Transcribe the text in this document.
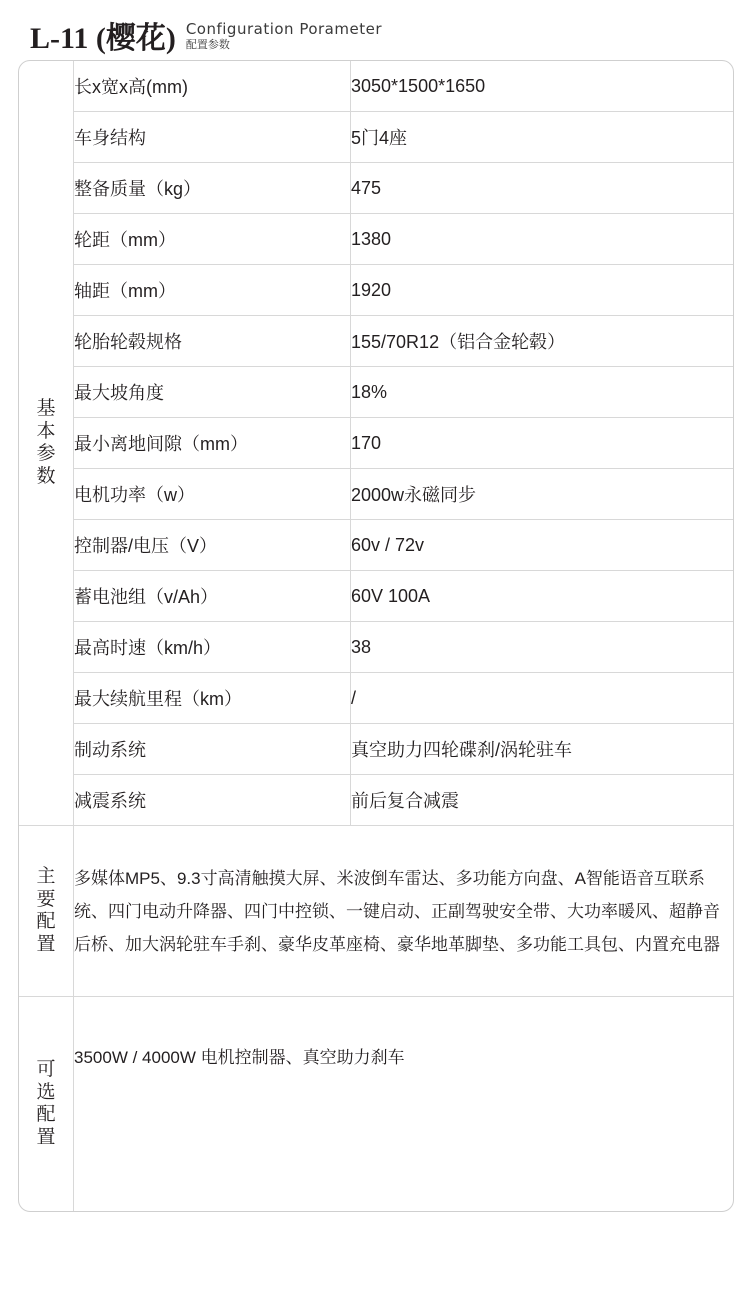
L-11 (樱花) Configuration Porameter
配置参数
基本参数	长x宽x高(mm)	3050*1500*1650
	车身结构	5门4座
	整备质量（kg）	475
	轮距（mm）	1380
	轴距（mm）	1920
	轮胎轮毂规格	155/70R12（铝合金轮毂）
	最大坡角度	18%
	最小离地间隙（mm）	170
	电机功率（w）	2000w永磁同步
	控制器/电压（V）	60v / 72v
	蓄电池组（v/Ah）	60V 100A
	最高时速（km/h）	38
	最大续航里程（km）	/
	制动系统	真空助力四轮碟刹/涡轮驻车
	减震系统	前后复合减震

主要配置	多媒体MP5、9.3寸高清触摸大屏、米波倒车雷达、多功能方向盘、A智能语音互联系统、四门电动升降器、四门中控锁、一键启动、正副驾驶安全带、大功率暖风、超静音后桥、加大涡轮驻车手刹、豪华皮革座椅、豪华地革脚垫、多功能工具包、内置充电器	

可选配置	3500W / 4000W 电机控制器、真空助力刹车	
